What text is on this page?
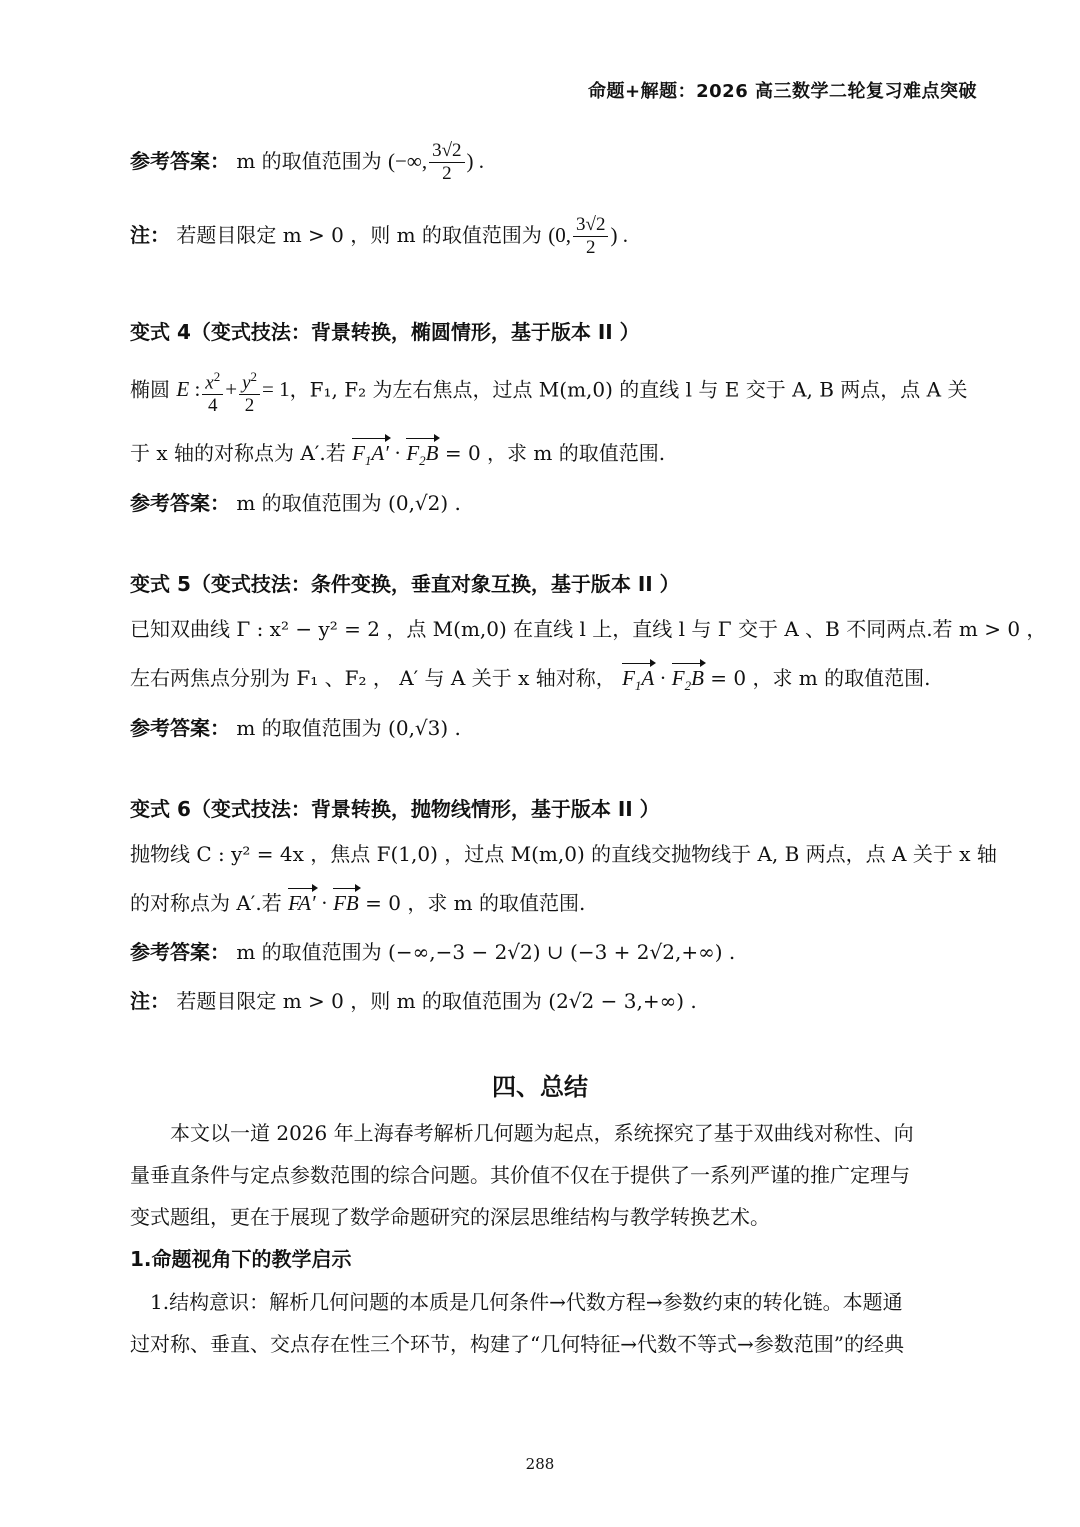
命题+解题：2026 高三数学二轮复习难点突破
参考答案： m 的取值范围为 (−∞, $\frac{3√2}{2}$ ) .
注： 若题目限定 m > 0 ，则 m 的取值范围为 (0, $\frac{3√2}{2}$ ) .
变式 4（变式技法：背景转换，椭圆情形，基于版本 II ）
椭圆 E : $\frac{x^2}{4} + \frac{y^2}{2} = 1$，F₁, F₂ 为左右焦点，过点 M(m,0) 的直线 l 与 E 交于 A, B 两点，点 A 关
于 x 轴的对称点为 A′.若 $F_1A' \cdot F_2B = 0$ ，求 m 的取值范围.
参考答案： m 的取值范围为 (0,√2) .
变式 5（变式技法：条件变换，垂直对象互换，基于版本 II ）
已知双曲线 Γ : x² − y² = 2 ，点 M(m,0) 在直线 l 上，直线 l 与 Γ 交于 A 、B 不同两点.若 m > 0 ，
左右两焦点分别为 F₁ 、F₂ ， A′ 与 A 关于 x 轴对称， $F_1A \cdot F_2B = 0$ ，求 m 的取值范围.
参考答案： m 的取值范围为 (0,√3) .
变式 6（变式技法：背景转换，抛物线情形，基于版本 II ）
抛物线 C : y² = 4x ，焦点 F(1,0) ，过点 M(m,0) 的直线交抛物线于 A, B 两点，点 A 关于 x 轴
的对称点为 A′.若 FA′ · FB = 0 ，求 m 的取值范围.
参考答案： m 的取值范围为 (−∞,−3 − 2√2) ∪ (−3 + 2√2,+∞) .
注： 若题目限定 m > 0 ，则 m 的取值范围为 (2√2 − 3,+∞) .
四、总结
本文以一道 2026 年上海春考解析几何题为起点，系统探究了基于双曲线对称性、向
量垂直条件与定点参数范围的综合问题。其价值不仅在于提供了一系列严谨的推广定理与
变式题组，更在于展现了数学命题研究的深层思维结构与教学转换艺术。
1.命题视角下的教学启示
1.结构意识：解析几何问题的本质是几何条件→代数方程→参数约束的转化链。本题通
过对称、垂直、交点存在性三个环节，构建了“几何特征→代数不等式→参数范围”的经典
288
